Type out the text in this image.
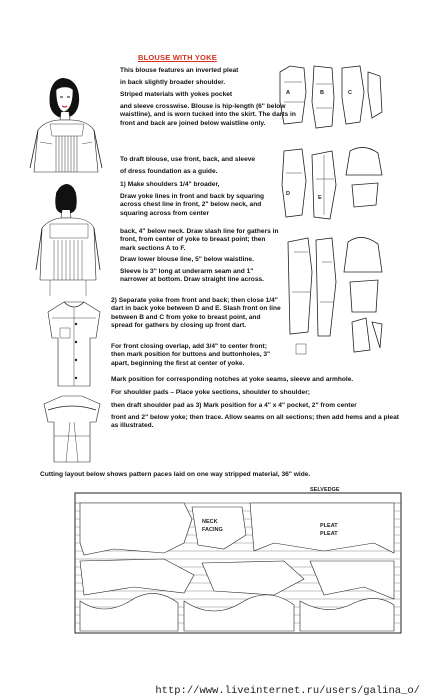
BLOUSE WITH YOKE
This blouse features an inverted pleat
in back slightly broader shoulder.
Striped materials with yokes pocket
and sleeve crosswise. Blouse is hip-length (6" below waistline), and is worn tucked into the skirt. The darts in front and back are joined below waistline only.
To draft blouse, use front, back, and sleeve
of dress foundation as a guide.
1) Make shoulders 1/4" broader,
Draw yoke lines in front and back by squaring across chest line in front, 2" below neck, and squaring across from center
back, 4" below neck. Draw slash line for gathers in front, from center of yoke to breast point; then mark sections A to F.
Draw lower blouse line, 5" below waistline.
Sleeve is 3" long at underarm seam and 1" narrower at bottom. Draw straight line across.
2) Separate yoke from front and back; then close 1/4" dart in back yoke between D and E. Slash front on line between B and C from yoke to breast point, and spread for gathers by closing up front dart.
For front closing overlap, add 3/4" to center front; then mark position for buttons and buttonholes, 3" apart, beginning the first at center of yoke.
Mark position for corresponding notches at yoke seams, sleeve and armhole.
For shoulder pads – Place yoke sections, shoulder to shoulder;
then draft shoulder pad as 3) Mark position for a 4" x 4" pocket, 2" from center
front and 2" below yoke; then trace. Allow seams on all sections; then add hems and a pleat as illustrated.
Cutting layout below shows pattern paces laid on one way stripped material, 36" wide.
A	B	C
D
E
SELVEDGE
NECK
FACING
PLEAT
PLEAT
http://www.liveinternet.ru/users/galina_o/
